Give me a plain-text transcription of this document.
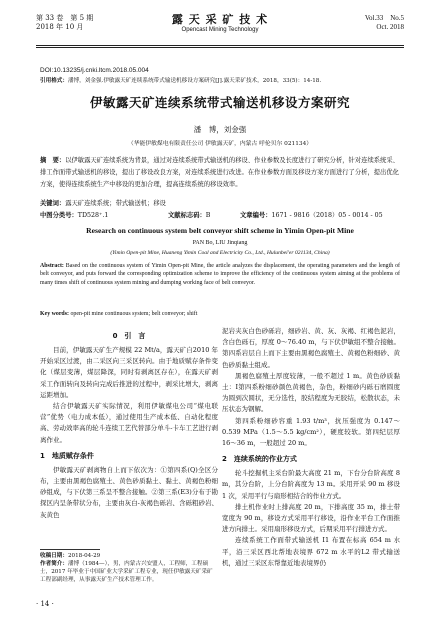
第 33 卷　第 5 期
2018 年 10 月
露 天 采 矿 技 术
Opencast Mining Technology
Vol.33　No.5
Oct. 2018
DOI:10.13235/j.cnki.ltcm.2018.05.004
引用格式：潘博，刘金强.伊敏露天矿连续系统带式输送机移设方案研究[J].露天采矿技术，2018，33(5)：14-18.
伊敏露天矿连续系统带式输送机移设方案研究
潘　博，刘金强
（华能伊敏煤电有限责任公司 伊敏露天矿，内蒙古 呼伦贝尔 021134）
摘　要：以伊敏露天矿连续系统为背景，通过对连续系统带式输送机的移设、作业参数及长度进行了研究分析，针对连续系统采、排工作面带式输送机的移设，提出了移设改良方案，对连续系统进行改进。在作业参数方面及移设方案方面进行了分析，提出优化方案，使得连续系统生产中移设的更加合理，提高连续系统的移设效率。
关键词：露天矿连续系统；带式输送机；移设
中图分类号：TD528⁺.1	文献标志码：B	文章编号：1671 - 9816（2018）05 - 0014 - 05
Research on continuous system belt conveyor shift scheme in Yimin Open-pit Mine
PAN Bo, LIU Jinqiang
(Yimin Open-pit Mine, Huaneng Yimin Coal and Electricity Co., Ltd., Hulunbei'er 021134, China)
Abstract: Based on the continuous system of Yimin Open-pit Mine, the article analyzes the displacement, the operating parameters and the length of belt conveyor, and puts forward the corresponding optimization scheme to improve the efficiency of the continuous system aiming at the problems of many times shift of continuous system mining and dumping working face of belt conveyor.
Key words: open-pit mine continuous system; belt conveyor; shift
0　引　言

目前，伊敏露天矿生产规模 22 Mt/a，露天矿自2010 年开始采区过渡，由二采区向三采区转向。由于地质赋存条件变化（煤层变薄，煤层降深，同时有剥离区存在），在露天矿剥采工作面转向及转向完成后推进的过程中，剥采比增大，剥离运距增加。

结合伊敏露天矿实际情况，利用伊敏煤电公司“煤电联营”优势（电力成本低），通过使用生产成本低、自动化程度高、劳动效率高的轮斗连续工艺代替部分单斗-卡车工艺进行剥离作业。

1　地质赋存条件

伊敏露天矿剥离物自上而下依次为：①第四系(Q)全区分布，主要由黑褐色腐殖土、黄色砂质黏土、黏土、黄褐色粉细砂组成，与下伏第三系呈不整合接触。②第三系(E3)分布于勘探区内呈条带状分布，主要由灰白-灰褐色砾岩、含砾粗砂岩、灰黄色

泥岩夹灰白色砂砾岩，细砂岩、黄、灰、灰褐、红褐色泥岩，含白色砾石，厚度 0～76.40 m，与下伏伊敏组不整合接触。第四系岩层自上而下主要由黑褐色腐殖土、黄褐色粉细砂、黄色砂质黏土组成。

黑褐色腐殖土厚度较薄，一般不超过 1 m。黄色砂质黏土：Ⅰ第四系粉细砂颜色黄褐色，杂色，粉细砂内砾石磨圆度为圆到次圆状，无分选性，胶结程度为无胶结，松散状态，未压状态为钢解。

第四系粉细砂容重 1.93 t/m³，抗压强度为 0.147～0.539 MPa（1.5～5.5 kg/cm²），硬度较软。第四纪层厚 16～36 m，一般超过 20 m。

2　连续系统的作业方式

轮斗挖掘机主采台阶最大高度 21 m，下台分台阶高度 8 m，其分台阶，上分台阶高度为 13 m。采用开采 90 m 移设 1 次，采用平行与扇形相结合的作业方式。

排土机作业时上排高度 20 m，下排高度 35 m，排土带宽度为 90 m，移设方式采用平行移设，沿作业平台工作面推进方向排土。采用扇形移设方式，后期采用平行排进方式。

连续系统工作面带式输送机 I1 布置在标高 654 m 水平，沿三采区西北帮地表境界 672 m 水平的L2 带式输送机，通过三采区东帮靠近地表境界仍

收稿日期：2018-04-29
作者简介：潘博（1984—），男，内蒙古兴安盟人，工程师，工程硕士，2017 年毕业于中国矿业大学采矿工程专业，现任伊敏露天矿采矿工程部副经理，从事露天矿生产技术管理工作。
· 14 ·
